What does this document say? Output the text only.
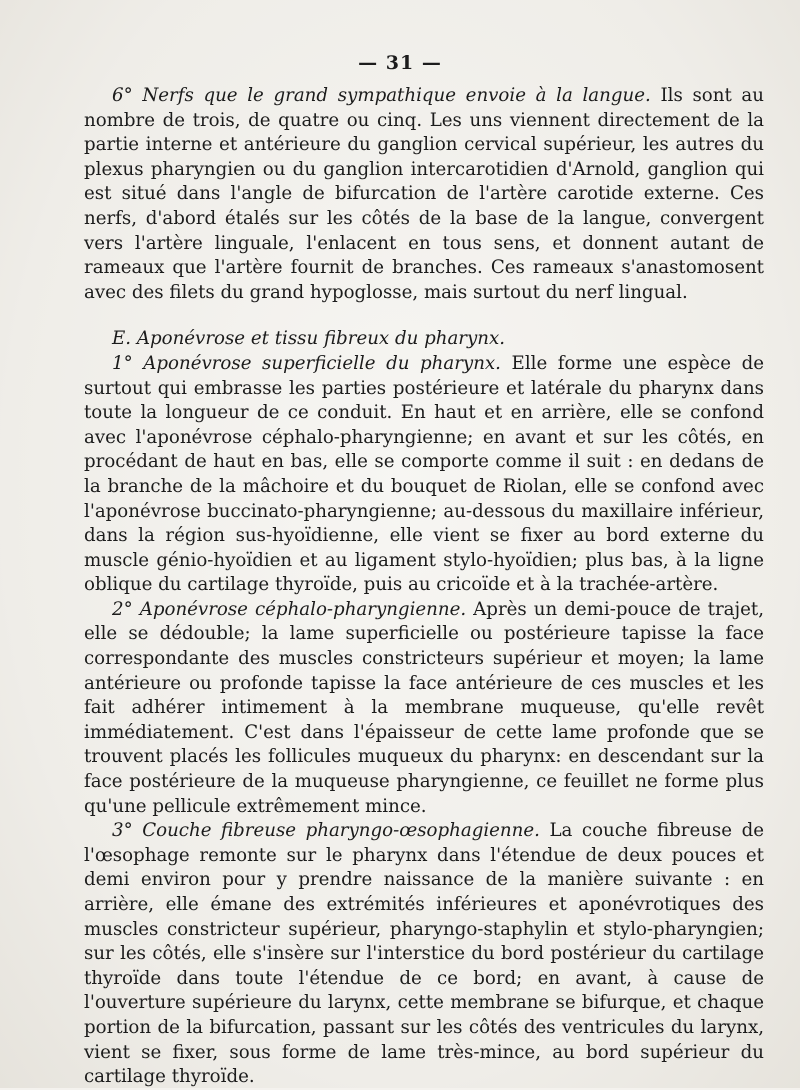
— 31 —

6° Nerfs que le grand sympathique envoie à la langue. Ils sont au nombre de trois, de quatre ou cinq. Les uns viennent directement de la partie interne et antérieure du ganglion cervical supérieur, les autres du plexus pharyngien ou du ganglion intercarotidien d'Arnold, ganglion qui est situé dans l'angle de bifurcation de l'artère carotide externe. Ces nerfs, d'abord étalés sur les côtés de la base de la langue, convergent vers l'artère linguale, l'enlacent en tous sens, et donnent autant de rameaux que l'artère fournit de branches. Ces rameaux s'anastomosent avec des filets du grand hypoglosse, mais surtout du nerf lingual.

E. Aponévrose et tissu fibreux du pharynx.

1° Aponévrose superficielle du pharynx. Elle forme une espèce de surtout qui embrasse les parties postérieure et latérale du pharynx dans toute la longueur de ce conduit. En haut et en arrière, elle se confond avec l'aponévrose céphalo-pharyngienne; en avant et sur les côtés, en procédant de haut en bas, elle se comporte comme il suit : en dedans de la branche de la mâchoire et du bouquet de Riolan, elle se confond avec l'aponévrose buccinato-pharyngienne; au-dessous du maxillaire inférieur, dans la région sus-hyoïdienne, elle vient se fixer au bord externe du muscle génio-hyoïdien et au ligament stylo-hyoïdien; plus bas, à la ligne oblique du cartilage thyroïde, puis au cricoïde et à la trachée-artère.

2° Aponévrose céphalo-pharyngienne. Après un demi-pouce de trajet, elle se dédouble; la lame superficielle ou postérieure tapisse la face correspondante des muscles constricteurs supérieur et moyen; la lame antérieure ou profonde tapisse la face antérieure de ces muscles et les fait adhérer intimement à la membrane muqueuse, qu'elle revêt immédiatement. C'est dans l'épaisseur de cette lame profonde que se trouvent placés les follicules muqueux du pharynx: en descendant sur la face postérieure de la muqueuse pharyngienne, ce feuillet ne forme plus qu'une pellicule extrêmement mince.

3° Couche fibreuse pharyngo-œsophagienne. La couche fibreuse de l'œsophage remonte sur le pharynx dans l'étendue de deux pouces et demi environ pour y prendre naissance de la manière suivante : en arrière, elle émane des extrémités inférieures et aponévrotiques des muscles constricteur supérieur, pharyngo-staphylin et stylo-pharyngien; sur les côtés, elle s'insère sur l'interstice du bord postérieur du cartilage thyroïde dans toute l'étendue de ce bord; en avant, à cause de l'ouverture supérieure du larynx, cette membrane se bifurque, et chaque portion de la bifurcation, passant sur les côtés des ventricules du larynx, vient se fixer, sous forme de lame très-mince, au bord supérieur du cartilage thyroïde.
